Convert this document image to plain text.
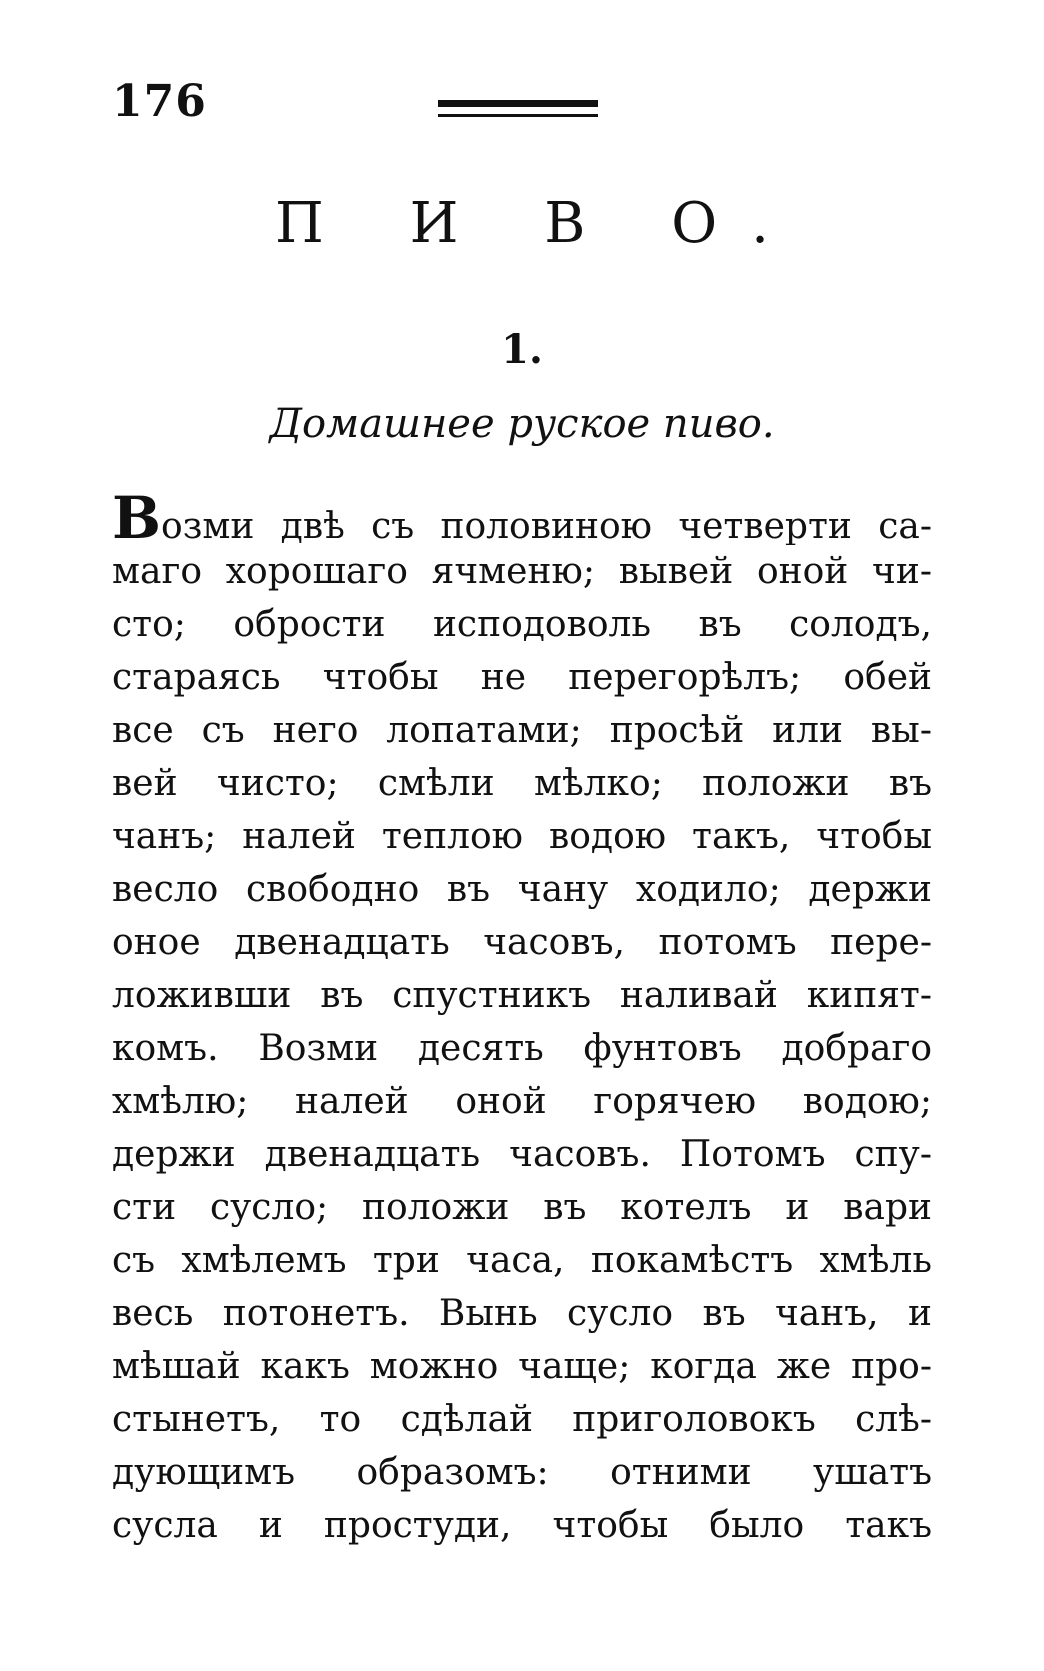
176
П И В О.
1.
Домашнее руское пиво.
Возми двѣ съ половиною четверти са-
маго хорошаго ячменю; вывей оной чи-
сто; обрости исподоволь въ солодъ,
стараясь чтобы не перегорѣлъ; обей
все съ него лопатами; просѣй или вы-
вей чисто; смѣли мѣлко; положи въ
чанъ; налей теплою водою такъ, чтобы
весло свободно въ чану ходило; держи
оное двенадцать часовъ, потомъ пере-
ложивши въ спустникъ наливай кипят-
комъ. Возми десять фунтовъ добраго
хмѣлю; налей оной горячею водою;
держи двенадцать часовъ. Потомъ спу-
сти сусло; положи въ котелъ и вари
съ хмѣлемъ три часа, покамѣстъ хмѣль
весь потонетъ. Вынь сусло въ чанъ, и
мѣшай какъ можно чаще; когда же про-
стынетъ, то сдѣлай приголовокъ слѣ-
дующимъ образомъ: отними ушатъ
сусла и простуди, чтобы было такъ
